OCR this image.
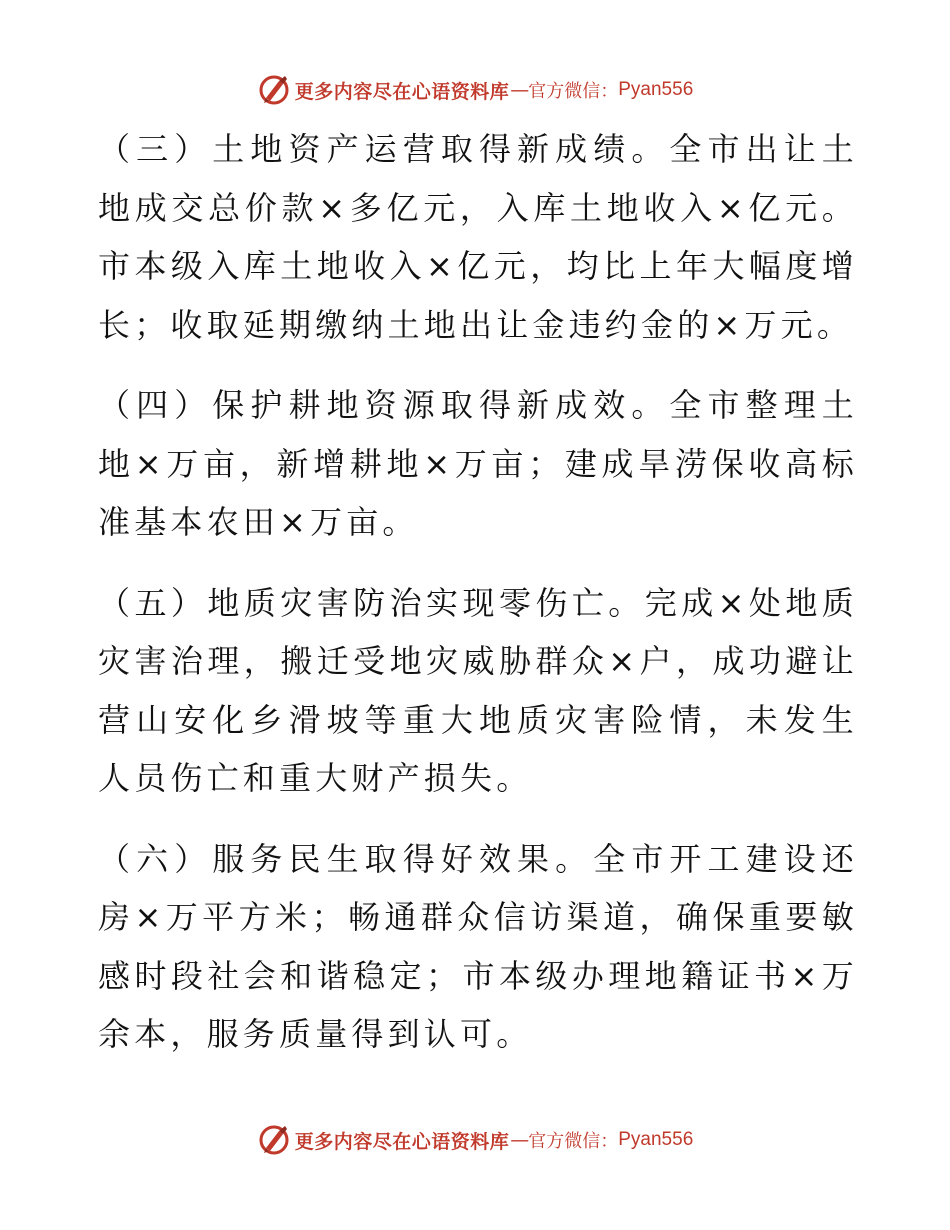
更多内容尽在心语资料库 — 官方微信： Pyan556

（三）土地资产运营取得新成绩。全市出让土地成交总价款×多亿元，入库土地收入×亿元。市本级入库土地收入×亿元，均比上年大幅度增长；收取延期缴纳土地出让金违约金的×万元。

（四）保护耕地资源取得新成效。全市整理土地×万亩，新增耕地×万亩；建成旱涝保收高标准基本农田×万亩。

（五）地质灾害防治实现零伤亡。完成×处地质灾害治理，搬迁受地灾威胁群众×户，成功避让营山安化乡滑坡等重大地质灾害险情，未发生人员伤亡和重大财产损失。

（六）服务民生取得好效果。全市开工建设还房×万平方米；畅通群众信访渠道，确保重要敏感时段社会和谐稳定；市本级办理地籍证书×万余本，服务质量得到认可。

更多内容尽在心语资料库 — 官方微信： Pyan556
